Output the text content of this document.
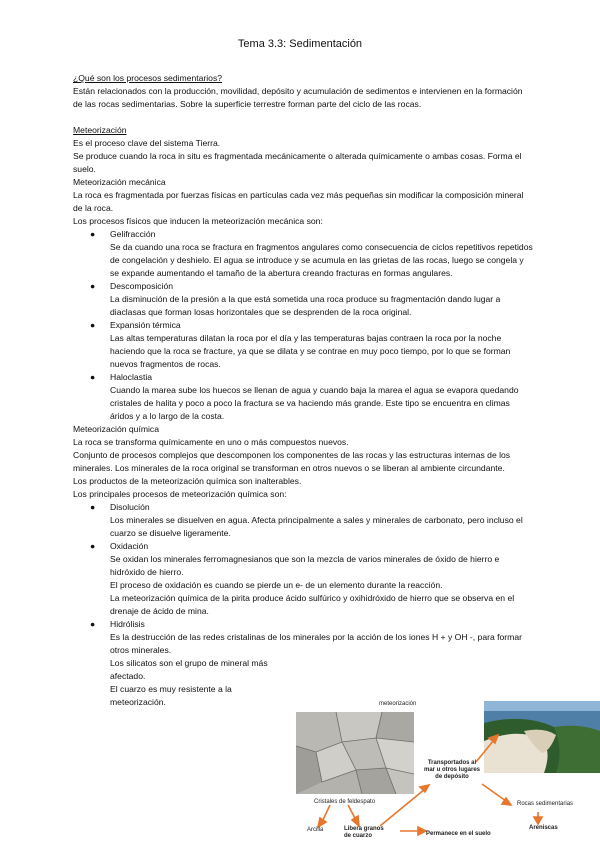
Tema 3.3: Sedimentación

¿Qué son los procesos sedimentarios?

Están relacionados con la producción, movilidad, depósito y acumulación de sedimentos e intervienen en la formación de las rocas sedimentarias. Sobre la superficie terrestre forman parte del ciclo de las rocas.

Meteorización

Es el proceso clave del sistema Tierra.

Se produce cuando la roca in situ es fragmentada mecánicamente o alterada químicamente o ambas cosas. Forma el suelo.

Meteorización mecánica

La roca es fragmentada por fuerzas físicas en partículas cada vez más pequeñas sin modificar la composición mineral de la roca.

Los procesos físicos que inducen la meteorización mecánica son:

● Gelifracción
Se da cuando una roca se fractura en fragmentos angulares como consecuencia de ciclos repetitivos repetidos de congelación y deshielo. El agua se introduce y se acumula en las grietas de las rocas, luego se congela y se expande aumentando el tamaño de la abertura creando fracturas en formas angulares.
● Descomposición
La disminución de la presión a la que está sometida una roca produce su fragmentación dando lugar a diaclasas que forman losas horizontales que se desprenden de la roca original.
● Expansión térmica
Las altas temperaturas dilatan la roca por el día y las temperaturas bajas contraen la roca por la noche haciendo que la roca se fracture, ya que se dilata y se contrae en muy poco tiempo, por lo que se forman nuevos fragmentos de rocas.
● Haloclastia
Cuando la marea sube los huecos se llenan de agua y cuando baja la marea el agua se evapora quedando cristales de halita y poco a poco la fractura se va haciendo más grande. Este tipo se encuentra en climas áridos y a lo largo de la costa.

Meteorización química

La roca se transforma químicamente en uno o más compuestos nuevos.

Conjunto de procesos complejos que descomponen los componentes de las rocas y las estructuras internas de los minerales. Los minerales de la roca original se transforman en otros nuevos o se liberan al ambiente circundante.

Los productos de la meteorización química son inalterables.

Los principales procesos de meteorización química son:

● Disolución
Los minerales se disuelven en agua. Afecta principalmente a sales y minerales de carbonato, pero incluso el cuarzo se disuelve ligeramente.
● Oxidación
Se oxidan los minerales ferromagnesianos que son la mezcla de varios minerales de óxido de hierro e hidróxido de hierro.
El proceso de oxidación es cuando se pierde un e- de un elemento durante la reacción.
La meteorización química de la pirita produce ácido sulfúrico y oxihidróxido de hierro que se observa en el drenaje de ácido de mina.
● Hidrólisis
Es la destrucción de las redes cristalinas de los minerales por la acción de los iones H + y OH -, para formar otros minerales.
Los silicatos son el grupo de mineral más afectado.
El cuarzo es muy resistente a la meteorización.	meteorización
Cristales de feldespato
Arcilla	Libera granos de cuarzo
Transportados al mar u otros lugares de depósito
Rocas sedimentarias
Areniscas
Permanece en el suelo
